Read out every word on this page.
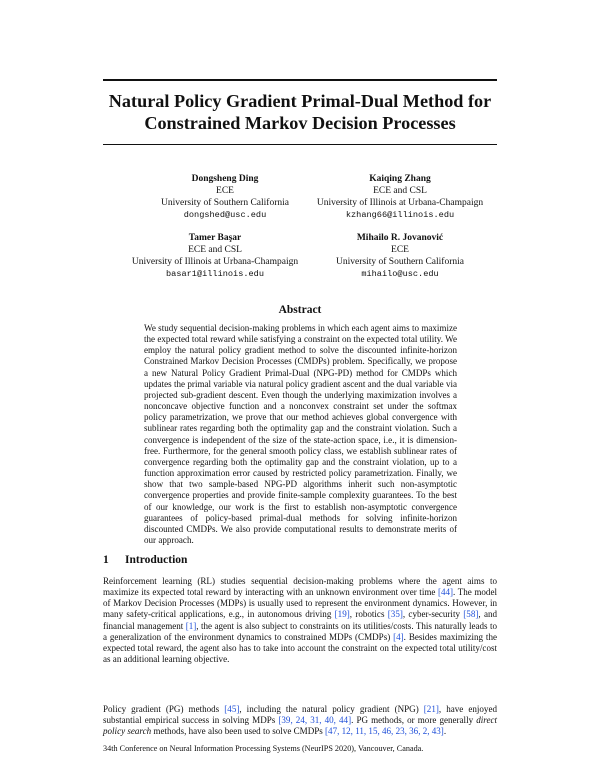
Natural Policy Gradient Primal-Dual Method for
Constrained Markov Decision Processes
Dongsheng Ding
ECE
University of Southern California
dongshed@usc.edu
Kaiqing Zhang
ECE and CSL
University of Illinois at Urbana-Champaign
kzhang66@illinois.edu
Tamer Başar
ECE and CSL
University of Illinois at Urbana-Champaign
basar1@illinois.edu
Mihailo R. Jovanović
ECE
University of Southern California
mihailo@usc.edu
Abstract
We study sequential decision-making problems in which each agent aims to maximize the expected total reward while satisfying a constraint on the expected total utility. We employ the natural policy gradient method to solve the discounted infinite-horizon Constrained Markov Decision Processes (CMDPs) problem. Specifically, we propose a new Natural Policy Gradient Primal-Dual (NPG-PD) method for CMDPs which updates the primal variable via natural policy gradient ascent and the dual variable via projected sub-gradient descent. Even though the underlying maximization involves a nonconcave objective function and a nonconvex constraint set under the softmax policy parametrization, we prove that our method achieves global convergence with sublinear rates regarding both the optimality gap and the constraint violation. Such a convergence is independent of the size of the state-action space, i.e., it is dimension-free. Furthermore, for the general smooth policy class, we establish sublinear rates of convergence regarding both the optimality gap and the constraint violation, up to a function approximation error caused by restricted policy parametrization. Finally, we show that two sample-based NPG-PD algorithms inherit such non-asymptotic convergence properties and provide finite-sample complexity guarantees. To the best of our knowledge, our work is the first to establish non-asymptotic convergence guarantees of policy-based primal-dual methods for solving infinite-horizon discounted CMDPs. We also provide computational results to demonstrate merits of our approach.
1 Introduction
Reinforcement learning (RL) studies sequential decision-making problems where the agent aims to maximize its expected total reward by interacting with an unknown environment over time [44]. The model of Markov Decision Processes (MDPs) is usually used to represent the environment dynamics. However, in many safety-critical applications, e.g., in autonomous driving [19], robotics [35], cyber-security [58], and financial management [1], the agent is also subject to constraints on its utilities/costs. This naturally leads to a generalization of the environment dynamics to constrained MDPs (CMDPs) [4]. Besides maximizing the expected total reward, the agent also has to take into account the constraint on the expected total utility/cost as an additional learning objective.
Policy gradient (PG) methods [45], including the natural policy gradient (NPG) [21], have enjoyed substantial empirical success in solving MDPs [39, 24, 31, 40, 44]. PG methods, or more generally direct policy search methods, have also been used to solve CMDPs [47, 12, 11, 15, 46, 23, 36, 2, 43].
34th Conference on Neural Information Processing Systems (NeurIPS 2020), Vancouver, Canada.
